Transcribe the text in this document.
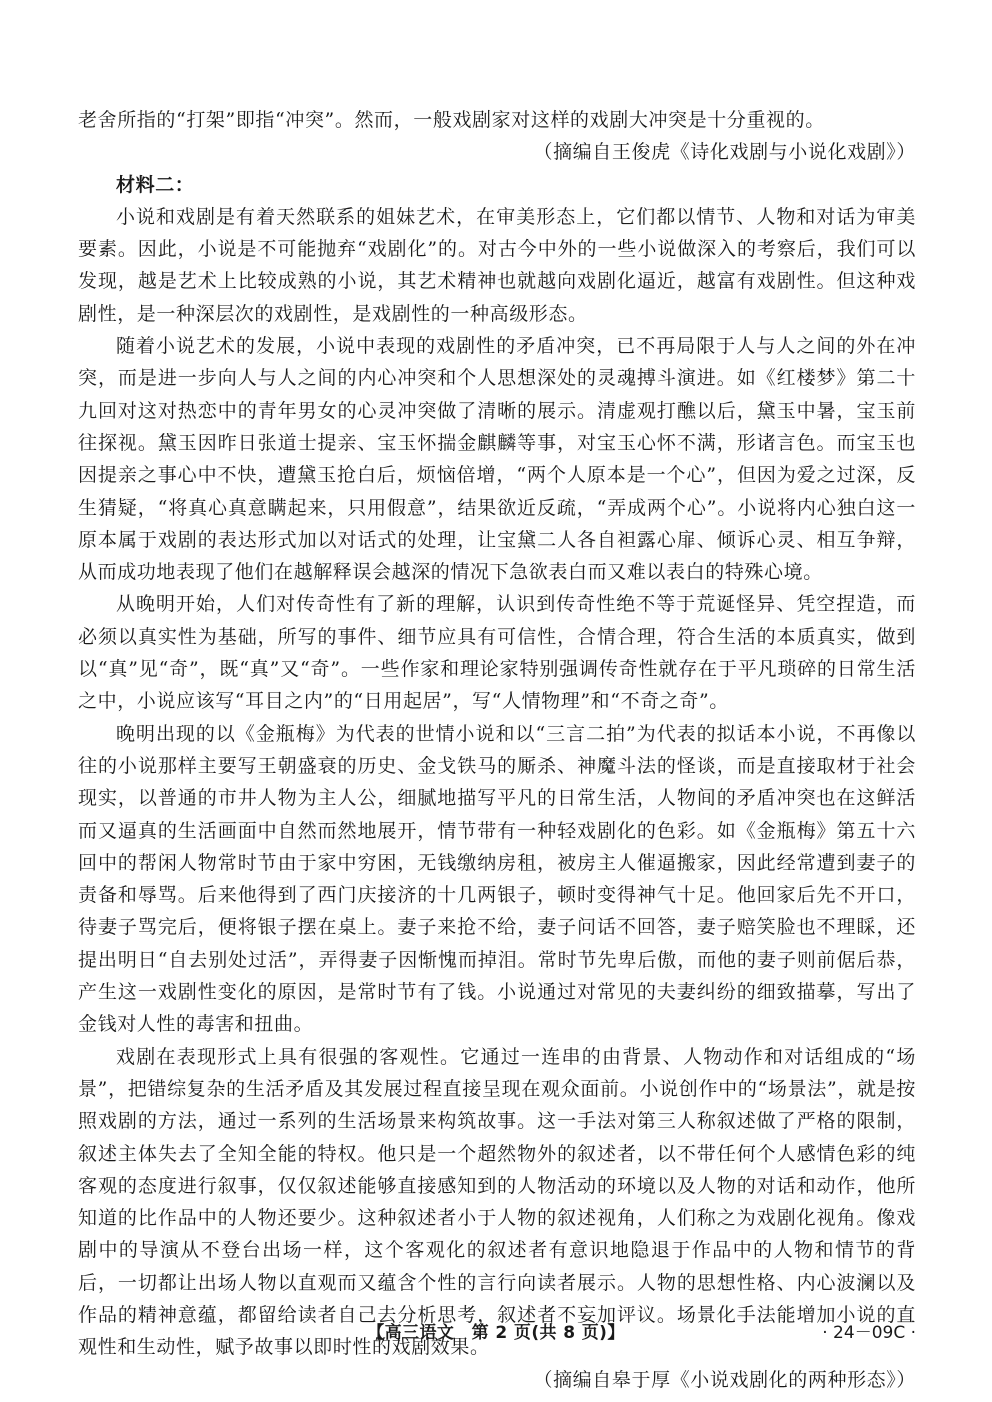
老舍所指的“打架”即指“冲突”。然而，一般戏剧家对这样的戏剧大冲突是十分重视的。

（摘编自王俊虎《诗化戏剧与小说化戏剧》）

材料二：

小说和戏剧是有着天然联系的姐妹艺术，在审美形态上，它们都以情节、人物和对话为审美要素。因此，小说是不可能抛弃“戏剧化”的。对古今中外的一些小说做深入的考察后，我们可以发现，越是艺术上比较成熟的小说，其艺术精神也就越向戏剧化逼近，越富有戏剧性。但这种戏剧性，是一种深层次的戏剧性，是戏剧性的一种高级形态。

随着小说艺术的发展，小说中表现的戏剧性的矛盾冲突，已不再局限于人与人之间的外在冲突，而是进一步向人与人之间的内心冲突和个人思想深处的灵魂搏斗演进。如《红楼梦》第二十九回对这对热恋中的青年男女的心灵冲突做了清晰的展示。清虚观打醮以后，黛玉中暑，宝玉前往探视。黛玉因昨日张道士提亲、宝玉怀揣金麒麟等事，对宝玉心怀不满，形诸言色。而宝玉也因提亲之事心中不快，遭黛玉抢白后，烦恼倍增，“两个人原本是一个心”，但因为爱之过深，反生猜疑，“将真心真意瞒起来，只用假意”，结果欲近反疏，“弄成两个心”。小说将内心独白这一原本属于戏剧的表达形式加以对话式的处理，让宝黛二人各自袒露心扉、倾诉心灵、相互争辩，从而成功地表现了他们在越解释误会越深的情况下急欲表白而又难以表白的特殊心境。

从晚明开始，人们对传奇性有了新的理解，认识到传奇性绝不等于荒诞怪异、凭空捏造，而必须以真实性为基础，所写的事件、细节应具有可信性，合情合理，符合生活的本质真实，做到以“真”见“奇”，既“真”又“奇”。一些作家和理论家特别强调传奇性就存在于平凡琐碎的日常生活之中，小说应该写“耳目之内”的“日用起居”，写“人情物理”和“不奇之奇”。

晚明出现的以《金瓶梅》为代表的世情小说和以“三言二拍”为代表的拟话本小说，不再像以往的小说那样主要写王朝盛衰的历史、金戈铁马的厮杀、神魔斗法的怪谈，而是直接取材于社会现实，以普通的市井人物为主人公，细腻地描写平凡的日常生活，人物间的矛盾冲突也在这鲜活而又逼真的生活画面中自然而然地展开，情节带有一种轻戏剧化的色彩。如《金瓶梅》第五十六回中的帮闲人物常时节由于家中穷困，无钱缴纳房租，被房主人催逼搬家，因此经常遭到妻子的责备和辱骂。后来他得到了西门庆接济的十几两银子，顿时变得神气十足。他回家后先不开口，待妻子骂完后，便将银子摆在桌上。妻子来抢不给，妻子问话不回答，妻子赔笑脸也不理睬，还提出明日“自去别处过活”，弄得妻子因惭愧而掉泪。常时节先卑后傲，而他的妻子则前倨后恭，产生这一戏剧性变化的原因，是常时节有了钱。小说通过对常见的夫妻纠纷的细致描摹，写出了金钱对人性的毒害和扭曲。

戏剧在表现形式上具有很强的客观性。它通过一连串的由背景、人物动作和对话组成的“场景”，把错综复杂的生活矛盾及其发展过程直接呈现在观众面前。小说创作中的“场景法”，就是按照戏剧的方法，通过一系列的生活场景来构筑故事。这一手法对第三人称叙述做了严格的限制，叙述主体失去了全知全能的特权。他只是一个超然物外的叙述者，以不带任何个人感情色彩的纯客观的态度进行叙事，仅仅叙述能够直接感知到的人物活动的环境以及人物的对话和动作，他所知道的比作品中的人物还要少。这种叙述者小于人物的叙述视角，人们称之为戏剧化视角。像戏剧中的导演从不登台出场一样，这个客观化的叙述者有意识地隐退于作品中的人物和情节的背后，一切都让出场人物以直观而又蕴含个性的言行向读者展示。人物的思想性格、内心波澜以及作品的精神意蕴，都留给读者自己去分析思考，叙述者不妄加评议。场景化手法能增加小说的直观性和生动性，赋予故事以即时性的戏剧效果。

（摘编自皋于厚《小说戏剧化的两种形态》）

【高三语文　第 2 页(共 8 页)】	· 24－09C ·
